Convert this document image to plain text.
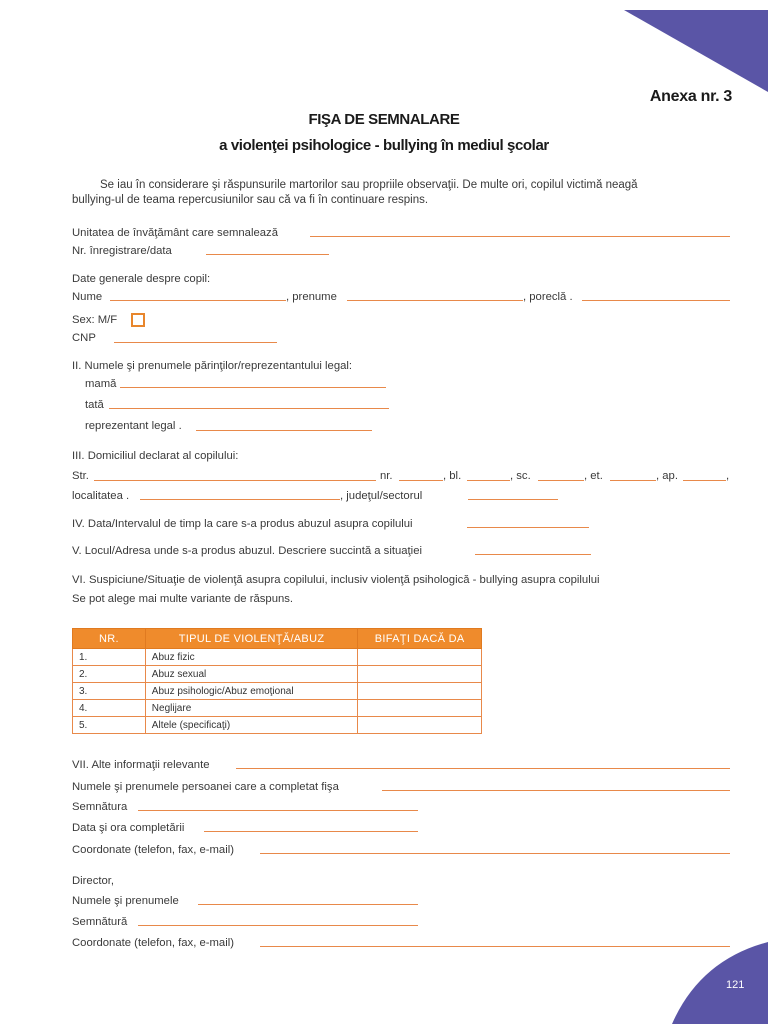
Anexa nr. 3
FIŞA DE SEMNALARE
a violenţei psihologice - bullying în mediul şcolar

Se iau în considerare şi răspunsurile martorilor sau propriile observaţii. De multe ori, copilul victimă neagă

bullying-ul de teama repercusiunilor sau că va fi în continuare respins.
Unitatea de învăţământ care semnalează
Nr. înregistrare/data
Date generale despre copil:
Nume	, prenume	, poreclă .
Sex: M/F
CNP
II. Numele şi prenumele părinţilor/reprezentantului legal:
mamă
tată
reprezentant legal .
III. Domiciliul declarat al copilului:
Str.	nr.	, bl.	, sc.	, et.	, ap.	,
localitatea .	, judeţul/sectorul
IV. Data/Intervalul de timp la care s-a produs abuzul asupra copilului
V. Locul/Adresa unde s-a produs abuzul. Descriere succintă a situaţiei
VI. Suspiciune/Situaţie de violenţă asupra copilului, inclusiv violenţă psihologică - bullying asupra copilului
Se pot alege mai multe variante de răspuns.
NR.	TIPUL DE VIOLENŢĂ/ABUZ	BIFAŢI DACĂ DA
1.	Abuz fizic	
2.	Abuz sexual	
3.	Abuz psihologic/Abuz emoţional	
4.	Neglijare	
5.	Altele (specificaţi)	
VII. Alte informaţii relevante
Numele şi prenumele persoanei care a completat fişa
Semnătura
Data şi ora completării
Coordonate (telefon, fax, e-mail)
Director,
Numele şi prenumele
Semnătură
Coordonate (telefon, fax, e-mail)
121
